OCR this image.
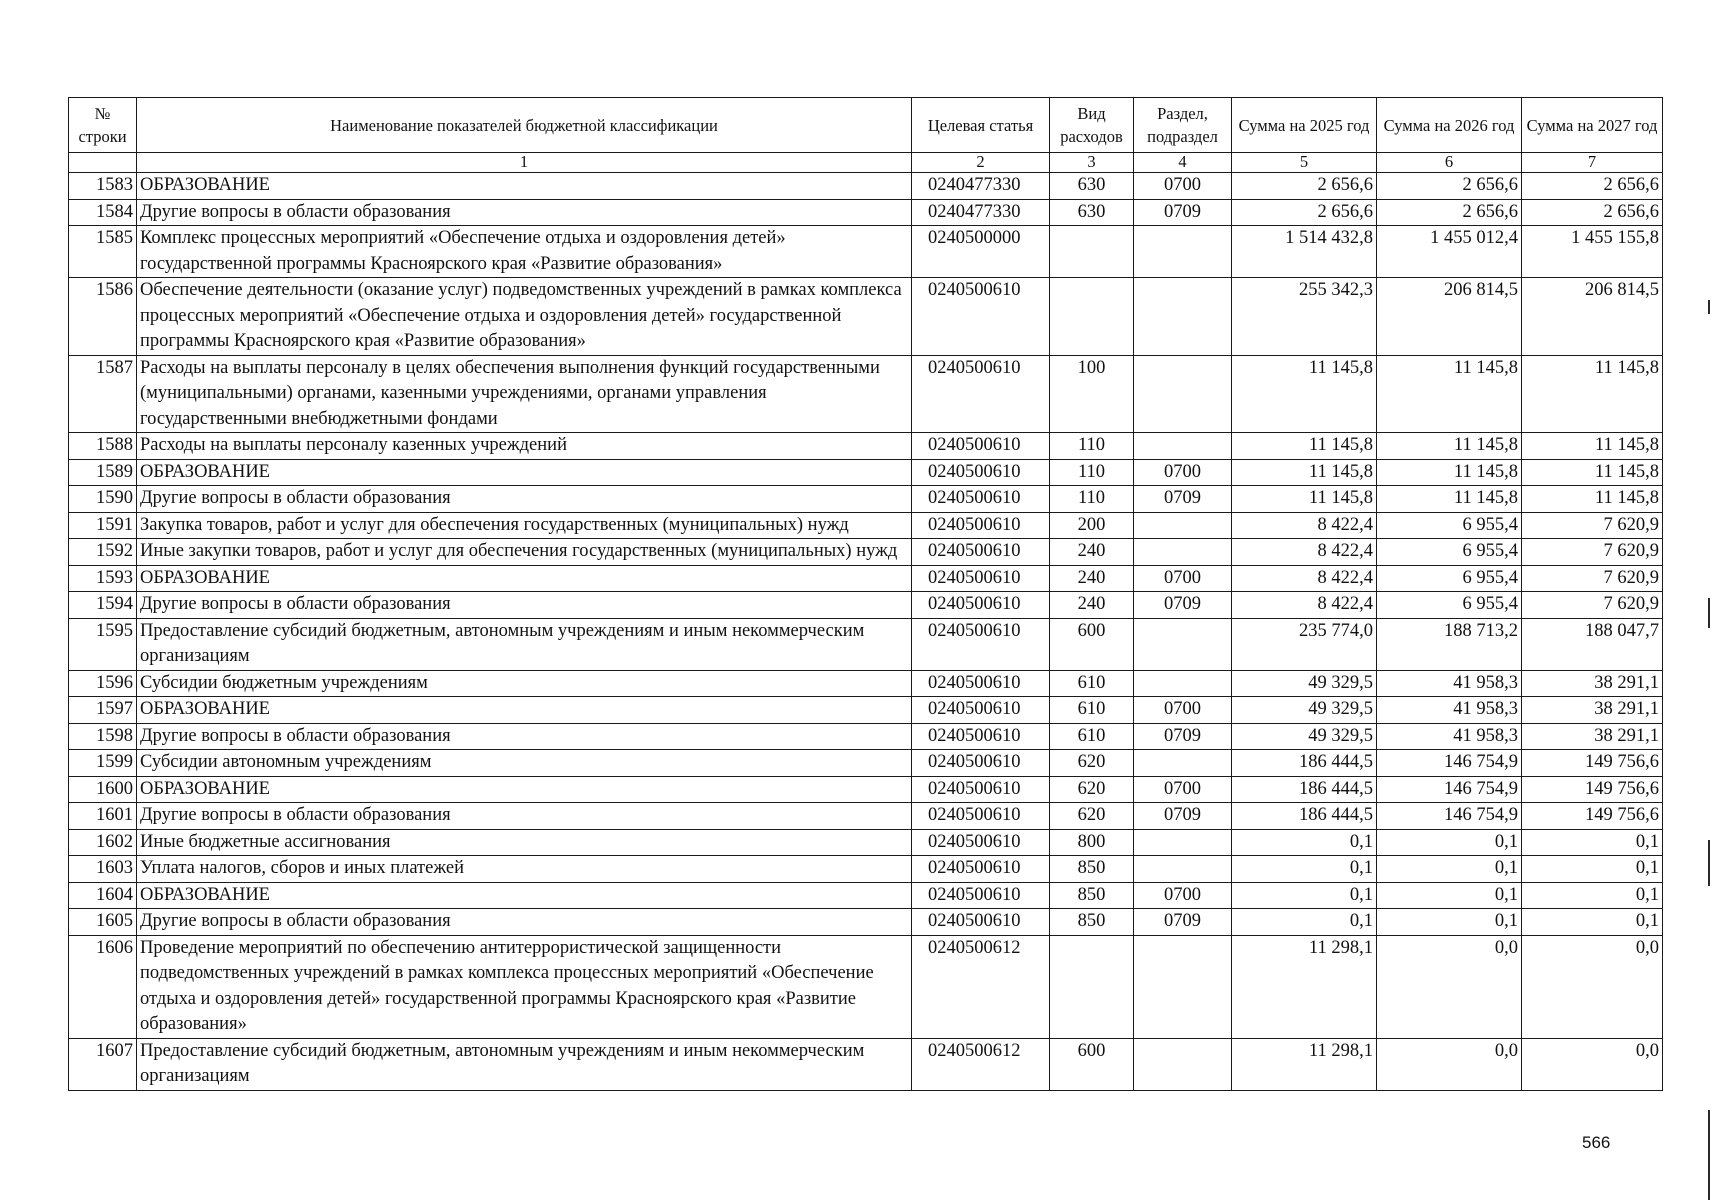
№ строки	Наименование показателей бюджетной классификации	Целевая статья	Вид расходов	Раздел, подраздел	Сумма на 2025 год	Сумма на 2026 год	Сумма на 2027 год
	1	2	3	4	5	6	7
1583	ОБРАЗОВАНИЕ	0240477330	630	0700	2 656,6	2 656,6	2 656,6
1584	Другие вопросы в области образования	0240477330	630	0709	2 656,6	2 656,6	2 656,6
1585	Комплекс процессных мероприятий «Обеспечение отдыха и оздоровления детей» государственной программы Красноярского края «Развитие образования»	0240500000			1 514 432,8	1 455 012,4	1 455 155,8
1586	Обеспечение деятельности (оказание услуг) подведомственных учреждений в рамках комплекса процессных мероприятий «Обеспечение отдыха и оздоровления детей» государственной программы Красноярского края «Развитие образования»	0240500610			255 342,3	206 814,5	206 814,5
1587	Расходы на выплаты персоналу в целях обеспечения выполнения функций государственными (муниципальными) органами, казенными учреждениями, органами управления государственными внебюджетными фондами	0240500610	100		11 145,8	11 145,8	11 145,8
1588	Расходы на выплаты персоналу казенных учреждений	0240500610	110		11 145,8	11 145,8	11 145,8
1589	ОБРАЗОВАНИЕ	0240500610	110	0700	11 145,8	11 145,8	11 145,8
1590	Другие вопросы в области образования	0240500610	110	0709	11 145,8	11 145,8	11 145,8
1591	Закупка товаров, работ и услуг для обеспечения государственных (муниципальных) нужд	0240500610	200		8 422,4	6 955,4	7 620,9
1592	Иные закупки товаров, работ и услуг для обеспечения государственных (муниципальных) нужд	0240500610	240		8 422,4	6 955,4	7 620,9
1593	ОБРАЗОВАНИЕ	0240500610	240	0700	8 422,4	6 955,4	7 620,9
1594	Другие вопросы в области образования	0240500610	240	0709	8 422,4	6 955,4	7 620,9
1595	Предоставление субсидий бюджетным, автономным учреждениям и иным некоммерческим организациям	0240500610	600		235 774,0	188 713,2	188 047,7
1596	Субсидии бюджетным учреждениям	0240500610	610		49 329,5	41 958,3	38 291,1
1597	ОБРАЗОВАНИЕ	0240500610	610	0700	49 329,5	41 958,3	38 291,1
1598	Другие вопросы в области образования	0240500610	610	0709	49 329,5	41 958,3	38 291,1
1599	Субсидии автономным учреждениям	0240500610	620		186 444,5	146 754,9	149 756,6
1600	ОБРАЗОВАНИЕ	0240500610	620	0700	186 444,5	146 754,9	149 756,6
1601	Другие вопросы в области образования	0240500610	620	0709	186 444,5	146 754,9	149 756,6
1602	Иные бюджетные ассигнования	0240500610	800		0,1	0,1	0,1
1603	Уплата налогов, сборов и иных платежей	0240500610	850		0,1	0,1	0,1
1604	ОБРАЗОВАНИЕ	0240500610	850	0700	0,1	0,1	0,1
1605	Другие вопросы в области образования	0240500610	850	0709	0,1	0,1	0,1
1606	Проведение мероприятий по обеспечению антитеррористической защищенности подведомственных учреждений в рамках комплекса процессных мероприятий «Обеспечение отдыха и оздоровления детей» государственной программы Красноярского края «Развитие образования»	0240500612			11 298,1	0,0	0,0
1607	Предоставление субсидий бюджетным, автономным учреждениям и иным некоммерческим организациям	0240500612	600		11 298,1	0,0	0,0
566
